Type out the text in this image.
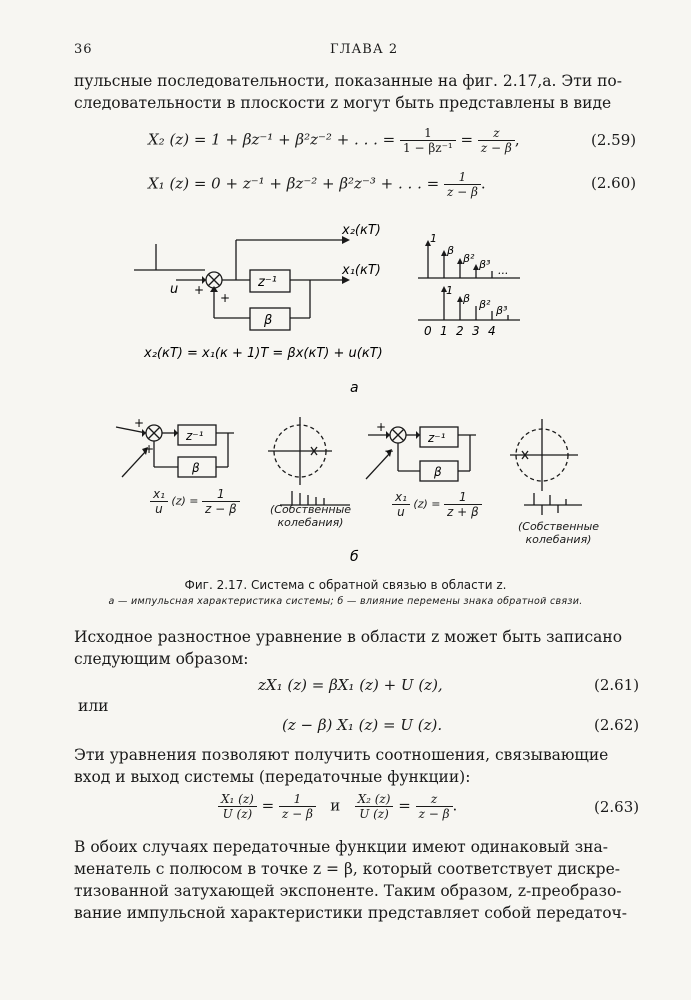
36	ГЛАВА 2
пульсные последовательности, показанные на фиг. 2.17,а. Эти по-
следовательности в плоскости z могут быть представлены в виде
X₂ (z) = 1 + βz⁻¹ + β²z⁻² + . . . = $\frac{1}{\text{1 − βz⁻¹}} = \frac{z}{z - \beta}$ ,	(2.59)
X₁ (z) = 0 + z⁻¹ + βz⁻² + β²z⁻³ + . . . = $\frac{1}{z - \beta}$ .	(2.60)
x₂(кT)
x₁(кT)
u +
+
z⁻¹
β
1
β
β² β³ ...
1
β β² β³
0 1 2 3 4
x₂(кT) = x₁(к + 1)T = βx(кT) + u(кT)
а
z⁻¹
β
+
+
z⁻¹
β
+
−
б
$\frac{\text{x₁}}{u} (z) = \frac{1}{z - \beta}$	(Собственные
колебания)
$\frac{\text{x₁}}{u} (z) = \frac{1}{z + \beta}$
(Собственные
колебания)
Фиг. 2.17. Система с обратной связью в области z.
а — импульсная характеристика системы; б — влияние перемены знака обратной связи.
Исходное разностное уравнение в области z может быть записано
следующим образом:
zX₁ (z) = βX₁ (z) + U (z),	(2.61)
или
(z − β) X₁ (z) = U (z).	(2.62)
Эти уравнения позволяют получить соотношения, связывающие
вход и выход системы (передаточные функции):
$\frac{\text{X₁ (z)}}{U (z)} = \frac{1}{z - \beta}$ и $\frac{\text{X₂ (z)}}{U (z)} = \frac{z}{z - \beta}$ .	(2.63)
В обоих случаях передаточные функции имеют одинаковый зна-
менатель с полюсом в точке z = β, который соответствует дискре-
тизованной затухающей экспоненте. Таким образом, z-преобразо-
вание импульсной характеристики представляет собой передаточ-
